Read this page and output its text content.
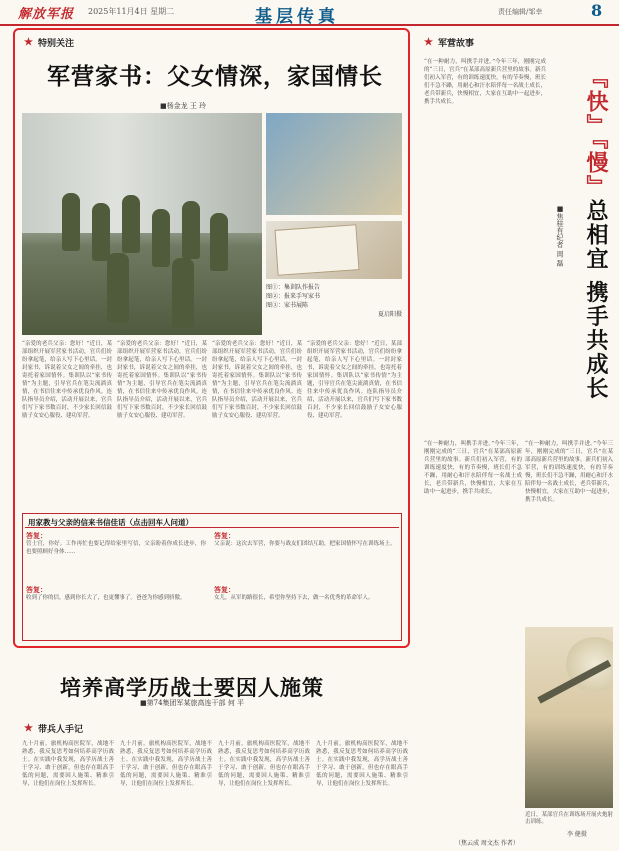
解放军报 2025年11月4日 星期二	基层传真	责任编辑/邹幸	8
★ 特别关注
军营家书：父女情深，家国情长
■杨金龙 王 玲
图①：集训队作报告
图②：报来手写家书
图③：家书展陈
夏启阳摄
“亲爱的老兵父亲：您好！”近日，某部组织开展军营家书活动，官兵们纷纷拿起笔，给亲人写下心里话。一封封家书，诉说着父女之间的牵挂，也寄托着家国情怀。集训队以“家书传情”为主题，引导官兵在笔尖流淌真情，在书信往来中传承优良作风。连队指导员介绍，活动开展以来，官兵们写下家书数百封，不少家长回信鼓励子女安心服役、建功军营。
“亲爱的老兵父亲：您好！”近日，某部组织开展军营家书活动，官兵们纷纷拿起笔，给亲人写下心里话。一封封家书，诉说着父女之间的牵挂，也寄托着家国情怀。集训队以“家书传情”为主题，引导官兵在笔尖流淌真情，在书信往来中传承优良作风。连队指导员介绍，活动开展以来，官兵们写下家书数百封，不少家长回信鼓励子女安心服役、建功军营。
“亲爱的老兵父亲：您好！”近日，某部组织开展军营家书活动，官兵们纷纷拿起笔，给亲人写下心里话。一封封家书，诉说着父女之间的牵挂，也寄托着家国情怀。集训队以“家书传情”为主题，引导官兵在笔尖流淌真情，在书信往来中传承优良作风。连队指导员介绍，活动开展以来，官兵们写下家书数百封，不少家长回信鼓励子女安心服役、建功军营。
“亲爱的老兵父亲：您好！”近日，某部组织开展军营家书活动，官兵们纷纷拿起笔，给亲人写下心里话。一封封家书，诉说着父女之间的牵挂，也寄托着家国情怀。集训队以“家书传情”为主题，引导官兵在笔尖流淌真情，在书信往来中传承优良作风。连队指导员介绍，活动开展以来，官兵们写下家书数百封，不少家长回信鼓励子女安心服役、建功军营。
用家教与父亲的信来书信佳话（点击回车人问道）
答复：
管士官，你好。工作再忙也要记得给家里写信，父亲盼着你成长进步，你也要照顾好身体……
答复：
收到了你的信，感到你长大了，也更懂事了。爸爸为你感到骄傲。
答复：
父亲说：这次去军营，你要与战友们团结互助，把家国情怀写在训练场上。
答复：
女儿，从军的路很长，希望你坚持下去，做一名优秀的革命军人。
培养高学历战士要因人施策
■第74集团军某旅高连干部 何 平
★ 带兵人手记
九十月前，旅机构高医院军，战地不熟悉，我反复思考如何培养高学历战士。在实践中我发现，高学历战士善于学习、敢于创新，但也存在眼高手低的问题，需要因人施策、精准引导，让他们在岗位上发挥所长。
九十月前，旅机构高医院军，战地不熟悉，我反复思考如何培养高学历战士。在实践中我发现，高学历战士善于学习、敢于创新，但也存在眼高手低的问题，需要因人施策、精准引导，让他们在岗位上发挥所长。
九十月前，旅机构高医院军，战地不熟悉，我反复思考如何培养高学历战士。在实践中我发现，高学历战士善于学习、敢于创新，但也存在眼高手低的问题，需要因人施策、精准引导，让他们在岗位上发挥所长。
九十月前，旅机构高医院军，战地不熟悉，我反复思考如何培养高学历战士。在实践中我发现，高学历战士善于学习、敢于创新，但也存在眼高手低的问题，需要因人施策、精准引导，让他们在岗位上发挥所长。
★ 军营故事
『快』『慢』总相宜 携手共成长
■焦桂有纪者 周 磊
“在一种耐力，叫携手并进。”今年三年，刚刚完成的“三日，官兵”在某部高原新兵营里的故事。新兵们初入军营，有的训练速度快，有的节奏慢，班长们不急不躁，用耐心和汗水陪伴每一名战士成长，老兵带新兵，快慢相宜，大家在互助中一起进步，携手共成长。
“在一种耐力，叫携手并进。”今年三年，刚刚完成的“三日，官兵”在某部高原新兵营里的故事。新兵们初入军营，有的训练速度快，有的节奏慢，班长们不急不躁，用耐心和汗水陪伴每一名战士成长，老兵带新兵，快慢相宜，大家在互助中一起进步，携手共成长。
“在一种耐力，叫携手并进。”今年三年，刚刚完成的“三日，官兵”在某部高原新兵营里的故事。新兵们初入军营，有的训练速度快，有的节奏慢，班长们不急不躁，用耐心和汗水陪伴每一名战士成长，老兵带新兵，快慢相宜，大家在互助中一起进步，携手共成长。
近日，某部官兵在训练场开展火炮射击训练。
李 健摄
（焦云成 周文杰 作者）
